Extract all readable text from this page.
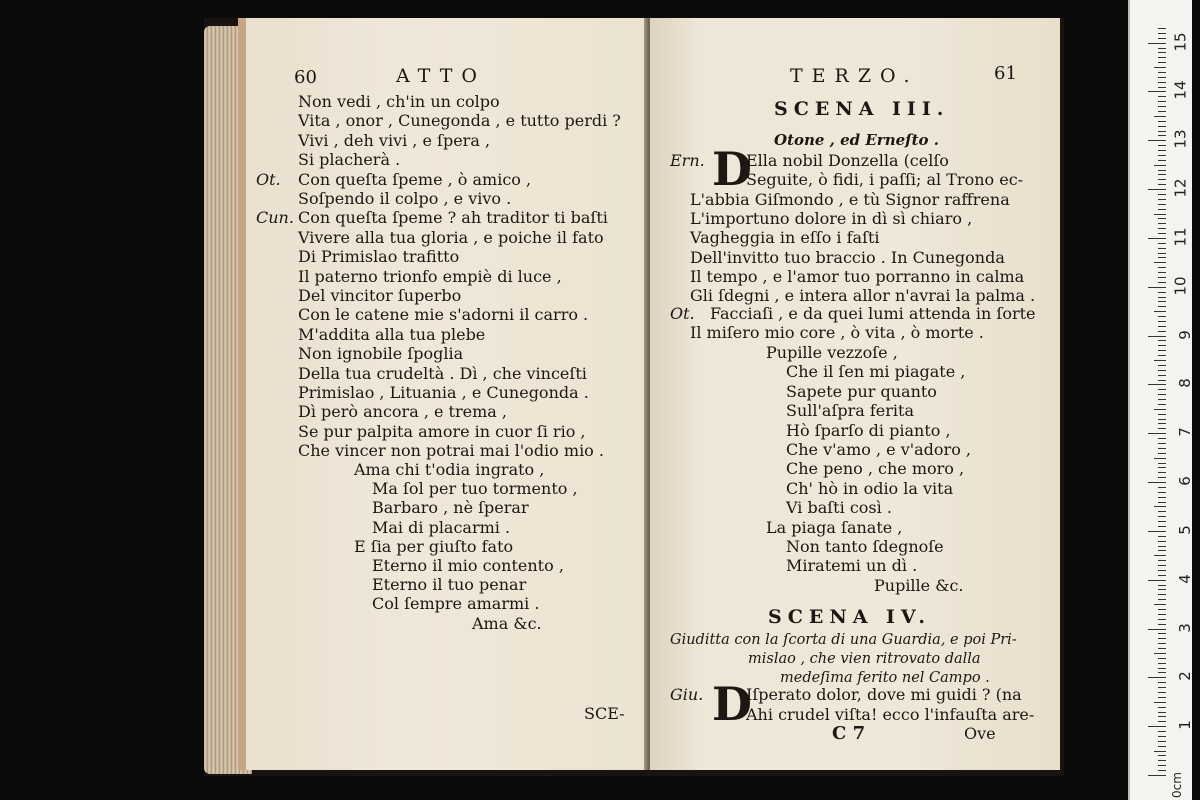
60	ATTO
Non vedi , ch'in un colpo
Vita , onor , Cunegonda , e tutto perdi ?
Vivi , deh vivi , e ſpera ,
Si placherà .
Ot. Con queſta ſpeme , ò amico ,
Soſpendo il colpo , e vivo .
Cun. Con queſta ſpeme ? ah traditor ti baſti
Vivere alla tua gloria , e poiche il fato
Di Primislao trafitto
Il paterno trionfo empiè di luce ,
Del vincitor ſuperbo
Con le catene mie s'adorni il carro .
M'addita alla tua plebe
Non ignobile ſpoglia
Della tua crudeltà . Dì , che vinceſti
Primislao , Lituania , e Cunegonda .
Dì però ancora , e trema ,
Se pur palpita amore in cuor ſi rio ,
Che vincer non potrai mai l'odio mio .
Ama chi t'odia ingrato ,
Ma ſol per tuo tormento ,
Barbaro , nè ſperar
Mai di placarmi .
E ſia per giuſto fato
Eterno il mio contento ,
Eterno il tuo penar
Col ſempre amarmi .
Ama &c.
SCE-
TERZO.	61
SCENA III.
Otone , ed Erneſto .
Ern. D
Ella nobil Donzella (celſo
Seguite, ò fidi, i paſſi; al Trono ec-
L'abbia Giſmondo , e tù Signor raffrena
L'importuno dolore in dì sì chiaro ,
Vagheggia in eſſo i faſti
Dell'invitto tuo braccio . In Cunegonda
Il tempo , e l'amor tuo porranno in calma
Gli ſdegni , e intera allor n'avrai la palma .
Ot. Facciaſi , e da quei lumi attenda in ſorte
Il miſero mio core , ò vita , ò morte .
Pupille vezzoſe ,
Che il ſen mi piagate ,
Sapete pur quanto
Sull'aſpra ferita
Hò ſparſo di pianto ,
Che v'amo , e v'adoro ,
Che peno , che moro ,
Ch' hò in odio la vita
Vi baſti così .
La piaga ſanate ,
Non tanto ſdegnoſe
Miratemi un dì .
Pupille &c.
SCENA IV.
Giuditta con la ſcorta di una Guardia, e poi Pri-
mislao , che vien ritrovato dalla
medeſima ferito nel Campo .
Giu. D
Iſperato dolor, dove mi guidi ? (na
Ahi crudel viſta! ecco l'infauſta are-
C 7	Ove	1
2
3
4
5
6
7
8
9
10
11
12
13
14
15
0cm
